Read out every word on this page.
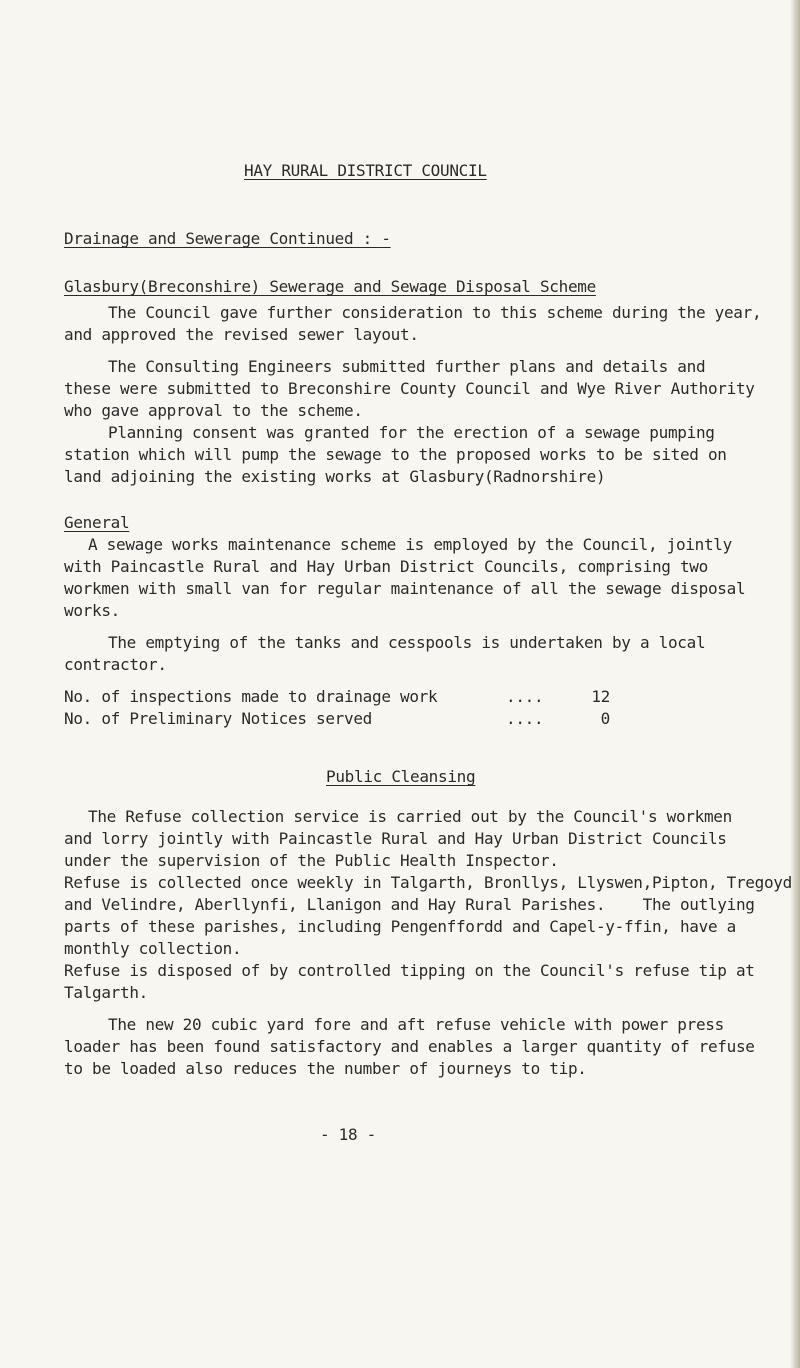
HAY RURAL DISTRICT COUNCIL
Drainage and Sewerage Continued : -
Glasbury(Breconshire) Sewerage and Sewage Disposal Scheme
The Council gave further consideration to this scheme during the year,
and approved the revised sewer layout.
The Consulting Engineers submitted further plans and details and
these were submitted to Breconshire County Council and Wye River Authority
who gave approval to the scheme.
Planning consent was granted for the erection of a sewage pumping
station which will pump the sewage to the proposed works to be sited on
land adjoining the existing works at Glasbury(Radnorshire)
General
A sewage works maintenance scheme is employed by the Council, jointly
with Paincastle Rural and Hay Urban District Councils, comprising two
workmen with small van for regular maintenance of all the sewage disposal
works.
The emptying of the tanks and cesspools is undertaken by a local
contractor.
No. of inspections made to drainage work	....	12
No. of Preliminary Notices served	....	0
Public Cleansing
The Refuse collection service is carried out by the Council's workmen
and lorry jointly with Paincastle Rural and Hay Urban District Councils
under the supervision of the Public Health Inspector.
Refuse is collected once weekly in Talgarth, Bronllys, Llyswen,Pipton, Tregoyd
and Velindre, Aberllynfi, Llanigon and Hay Rural Parishes.    The outlying
parts of these parishes, including Pengenffordd and Capel-y-ffin, have a
monthly collection.
Refuse is disposed of by controlled tipping on the Council's refuse tip at
Talgarth.
The new 20 cubic yard fore and aft refuse vehicle with power press
loader has been found satisfactory and enables a larger quantity of refuse
to be loaded also reduces the number of journeys to tip.
- 18 -
